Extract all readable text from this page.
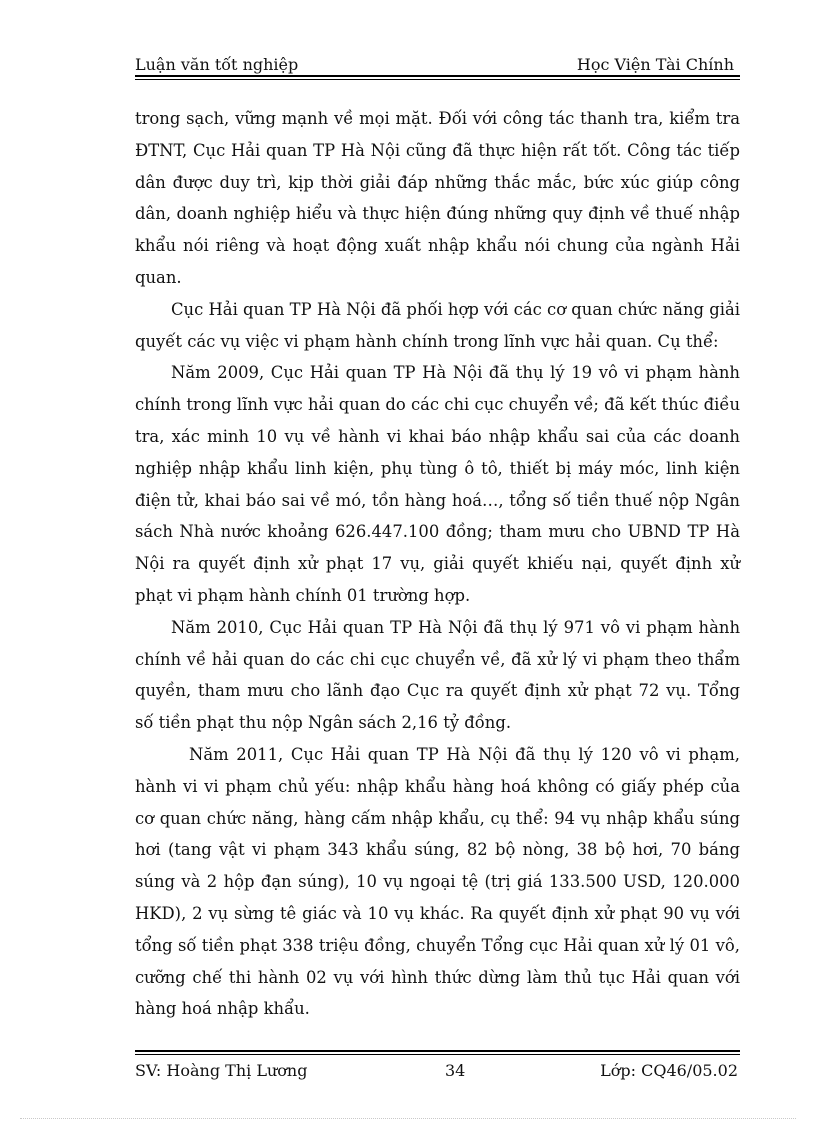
Luận văn tốt nghiệp	Học Viện Tài Chính

trong sạch, vững mạnh về mọi mặt. Đối với công tác thanh tra, kiểm tra ĐTNT, Cục Hải quan TP Hà Nội cũng đã thực hiện rất tốt. Công tác tiếp dân được duy trì, kịp thời giải đáp những thắc mắc, bức xúc giúp công dân, doanh nghiệp hiểu và thực hiện đúng những quy định về thuế nhập khẩu nói riêng và hoạt động xuất nhập khẩu nói chung của ngành Hải quan.

Cục Hải quan TP Hà Nội đã phối hợp với các cơ quan chức năng giải quyết các vụ việc vi phạm hành chính trong lĩnh vực hải quan. Cụ thể:

Năm 2009, Cục Hải quan TP Hà Nội đã thụ lý 19 vô vi phạm hành chính trong lĩnh vực hải quan do các chi cục chuyển về; đã kết thúc điều tra, xác minh 10 vụ về hành vi khai báo nhập khẩu sai của các doanh nghiệp nhập khẩu linh kiện, phụ tùng ô tô, thiết bị máy móc, linh kiện điện tử, khai báo sai về mó, tồn hàng hoá…, tổng số tiền thuế nộp Ngân sách Nhà nước khoảng 626.447.100 đồng; tham mưu cho UBND TP Hà Nội ra quyết định xử phạt 17 vụ, giải quyết khiếu nại, quyết định xử phạt vi phạm hành chính 01 trường hợp.

Năm 2010, Cục Hải quan TP Hà Nội đã thụ lý 971 vô vi phạm hành chính về hải quan do các chi cục chuyển về, đã xử lý vi phạm theo thẩm quyền, tham mưu cho lãnh đạo Cục ra quyết định xử phạt 72 vụ. Tổng số tiền phạt thu nộp Ngân sách 2,16 tỷ đồng.

Năm 2011, Cục Hải quan TP Hà Nội đã thụ lý 120 vô vi phạm, hành vi vi phạm chủ yếu: nhập khẩu hàng hoá không có giấy phép của cơ quan chức năng, hàng cấm nhập khẩu, cụ thể: 94 vụ nhập khẩu súng hơi (tang vật vi phạm 343 khẩu súng, 82 bộ nòng, 38 bộ hơi, 70 báng súng và 2 hộp đạn súng), 10 vụ ngoại tệ (trị giá 133.500 USD, 120.000 HKD), 2 vụ sừng tê giác và 10 vụ khác. Ra quyết định xử phạt 90 vụ với tổng số tiền phạt 338 triệu đồng, chuyển Tổng cục Hải quan xử lý 01 vô, cưỡng chế thi hành 02 vụ với hình thức dừng làm thủ tục Hải quan với hàng hoá nhập khẩu.

SV: Hoàng Thị Lương	34	Lớp: CQ46/05.02
